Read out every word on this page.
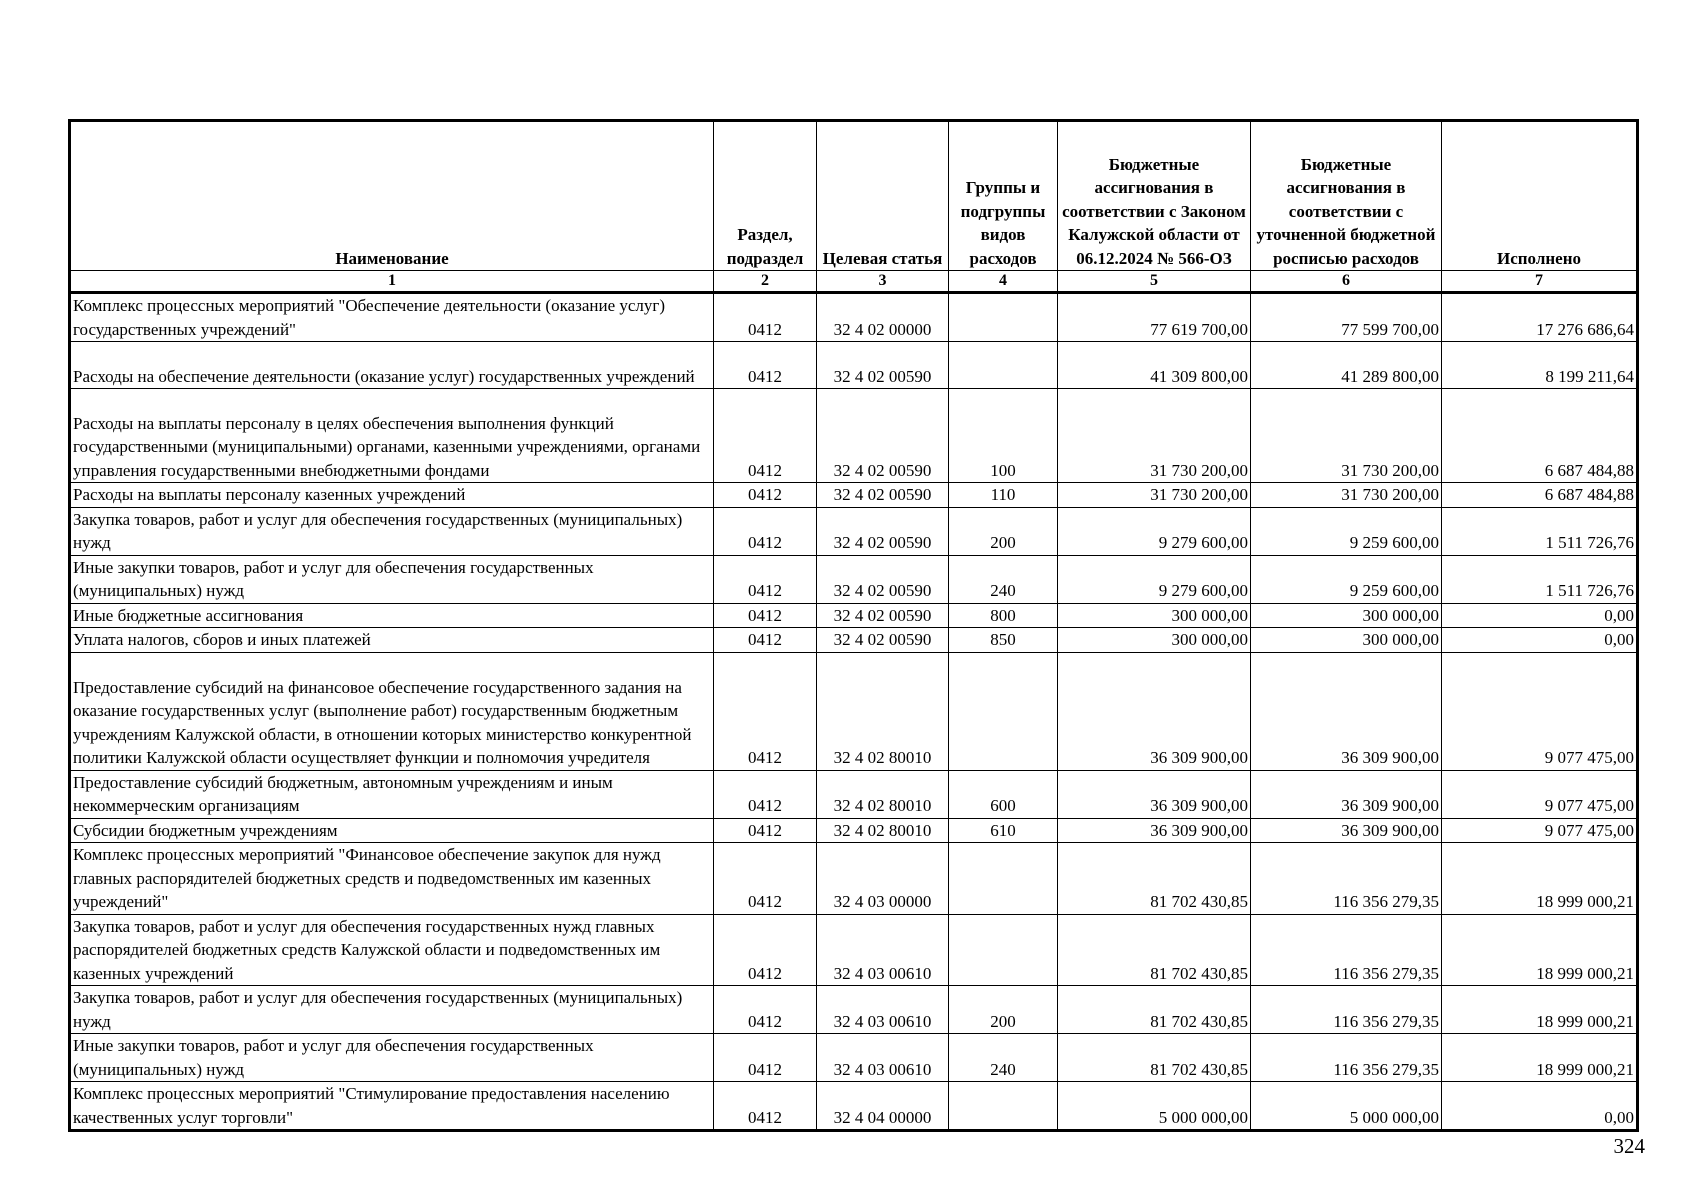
Наименование	Раздел, подраздел	Целевая статья	Группы и подгруппы видов расходов	Бюджетные ассигнования в соответствии с Законом Калужской области от 06.12.2024 № 566-ОЗ	Бюджетные ассигнования в соответствии с уточненной бюджетной росписью расходов	Исполнено
1	2	3	4	5	6	7
Комплекс процессных мероприятий "Обеспечение деятельности (оказание услуг) государственных учреждений"	0412	32 4 02 00000		77 619 700,00	77 599 700,00	17 276 686,64
Расходы на обеспечение деятельности (оказание услуг) государственных учреждений	0412	32 4 02 00590		41 309 800,00	41 289 800,00	8 199 211,64
Расходы на выплаты персоналу в целях обеспечения выполнения функций государственными (муниципальными) органами, казенными учреждениями, органами управления государственными внебюджетными фондами	0412	32 4 02 00590	100	31 730 200,00	31 730 200,00	6 687 484,88
Расходы на выплаты персоналу казенных учреждений	0412	32 4 02 00590	110	31 730 200,00	31 730 200,00	6 687 484,88
Закупка товаров, работ и услуг для обеспечения государственных (муниципальных) нужд	0412	32 4 02 00590	200	9 279 600,00	9 259 600,00	1 511 726,76
Иные закупки товаров, работ и услуг для обеспечения государственных (муниципальных) нужд	0412	32 4 02 00590	240	9 279 600,00	9 259 600,00	1 511 726,76
Иные бюджетные ассигнования	0412	32 4 02 00590	800	300 000,00	300 000,00	0,00
Уплата налогов, сборов и иных платежей	0412	32 4 02 00590	850	300 000,00	300 000,00	0,00
Предоставление субсидий на финансовое обеспечение государственного задания на оказание государственных услуг (выполнение работ) государственным бюджетным учреждениям Калужской области, в отношении которых министерство конкурентной политики Калужской области осуществляет функции и полномочия учредителя	0412	32 4 02 80010		36 309 900,00	36 309 900,00	9 077 475,00
Предоставление субсидий бюджетным, автономным учреждениям и иным некоммерческим организациям	0412	32 4 02 80010	600	36 309 900,00	36 309 900,00	9 077 475,00
Субсидии бюджетным учреждениям	0412	32 4 02 80010	610	36 309 900,00	36 309 900,00	9 077 475,00
Комплекс процессных мероприятий "Финансовое обеспечение закупок для нужд главных распорядителей бюджетных средств и подведомственных им казенных учреждений"	0412	32 4 03 00000		81 702 430,85	116 356 279,35	18 999 000,21
Закупка товаров, работ и услуг для обеспечения государственных нужд главных распорядителей бюджетных средств Калужской области и подведомственных им казенных учреждений	0412	32 4 03 00610		81 702 430,85	116 356 279,35	18 999 000,21
Закупка товаров, работ и услуг для обеспечения государственных (муниципальных) нужд	0412	32 4 03 00610	200	81 702 430,85	116 356 279,35	18 999 000,21
Иные закупки товаров, работ и услуг для обеспечения государственных (муниципальных) нужд	0412	32 4 03 00610	240	81 702 430,85	116 356 279,35	18 999 000,21
Комплекс процессных мероприятий "Стимулирование предоставления населению качественных услуг торговли"	0412	32 4 04 00000		5 000 000,00	5 000 000,00	0,00
324
